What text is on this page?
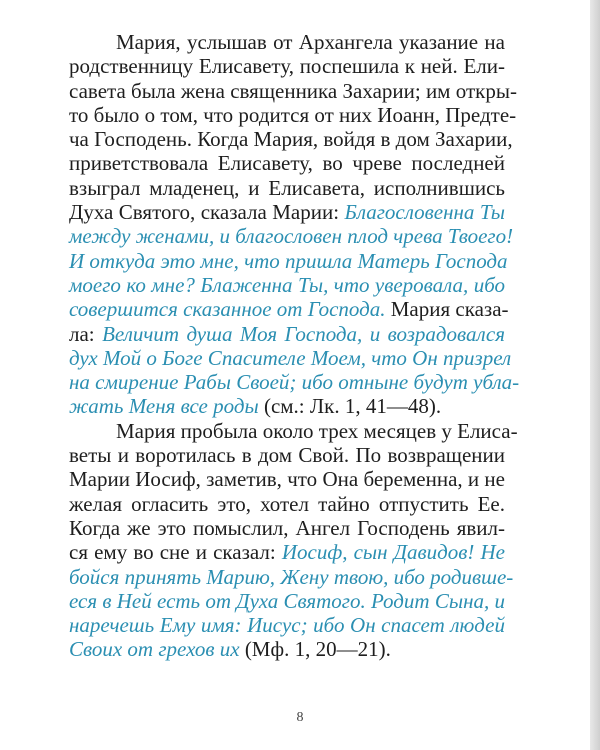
Мария, услышав от Архангела указание на
родственницу Елисавету, поспешила к ней. Ели-
савета была жена священника Захарии; им откры-
то было о том, что родится от них Иоанн, Предте-
ча Господень. Когда Мария, войдя в дом Захарии,
приветствовала Елисавету, во чреве последней
взыграл младенец, и Елисавета, исполнившись
Духа Святого, сказала Марии: Благословенна Ты
между женами, и благословен плод чрева Твоего!
И откуда это мне, что пришла Матерь Господа
моего ко мне? Блаженна Ты, что уверовала, ибо
совершится сказанное от Господа. Мария сказа-
ла: Величит душа Моя Господа, и возрадовался
дух Мой о Боге Спасителе Моем, что Он призрел
на смирение Рабы Своей; ибо отныне будут ублa-
жать Меня все роды (см.: Лк. 1, 41—48).
Мария пробыла около трех месяцев у Елиса-
веты и воротилась в дом Свой. По возвращении
Марии Иосиф, заметив, что Она беременна, и не
желая огласить это, хотел тайно отпустить Ее.
Когда же это помыслил, Ангел Господень явил-
ся ему во сне и сказал: Иосиф, сын Давидов! Не
бойся принять Марию, Жену твою, ибо родивше-
еся в Ней есть от Духа Святого. Родит Сына, и
наречешь Ему имя: Иисус; ибо Он спасет людей
Своих от грехов их (Мф. 1, 20—21).
8
